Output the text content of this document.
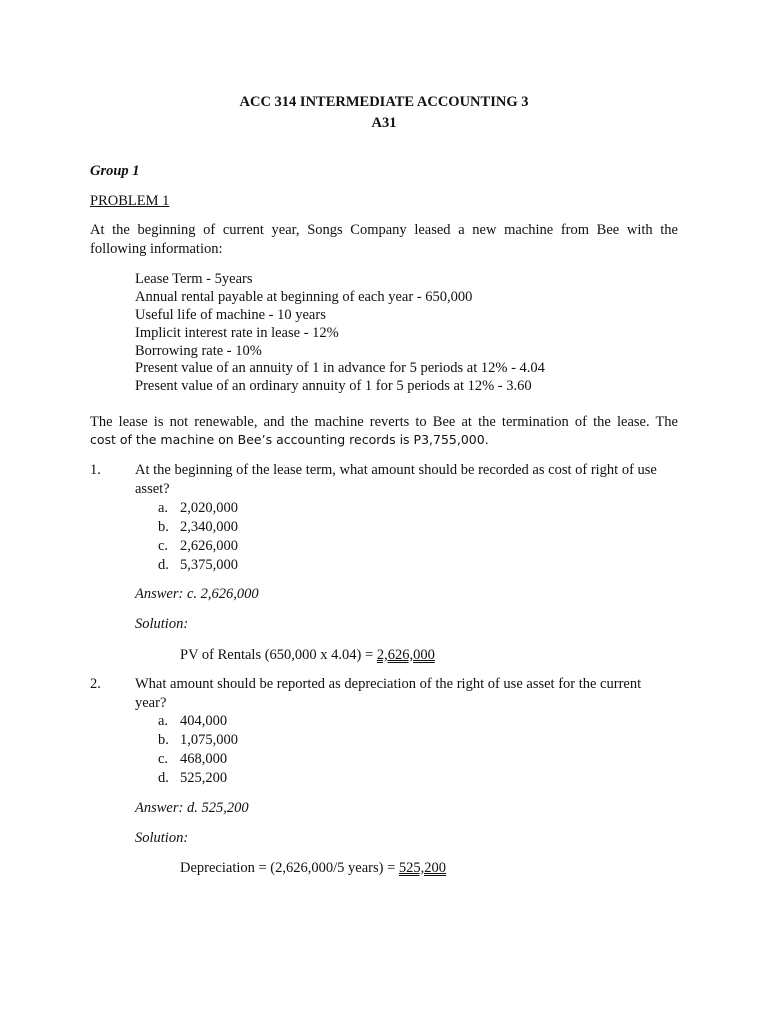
ACC 314 INTERMEDIATE ACCOUNTING 3
A31
Group 1
PROBLEM 1
At the beginning of current year, Songs Company leased a new machine from Bee with the
following information:
Lease Term - 5years
Annual rental payable at beginning of each year - 650,000
Useful life of machine - 10 years
Implicit interest rate in lease - 12%
Borrowing rate - 10%
Present value of an annuity of 1 in advance for 5 periods at 12% - 4.04
Present value of an ordinary annuity of 1 for 5 periods at 12% - 3.60
The lease is not renewable, and the machine reverts to Bee at the termination of the lease. The
cost of the machine on Bee’s accounting records is P3,755,000.
1. At the beginning of the lease term, what amount should be recorded as cost of right of use
asset?
a. 2,020,000
b. 2,340,000
c. 2,626,000
d. 5,375,000
Answer: c. 2,626,000
Solution:
PV of Rentals (650,000 x 4.04) = 2,626,000
2. What amount should be reported as depreciation of the right of use asset for the current
year?
a. 404,000
b. 1,075,000
c. 468,000
d. 525,200
Answer: d. 525,200
Solution:
Depreciation = (2,626,000/5 years) = 525,200
